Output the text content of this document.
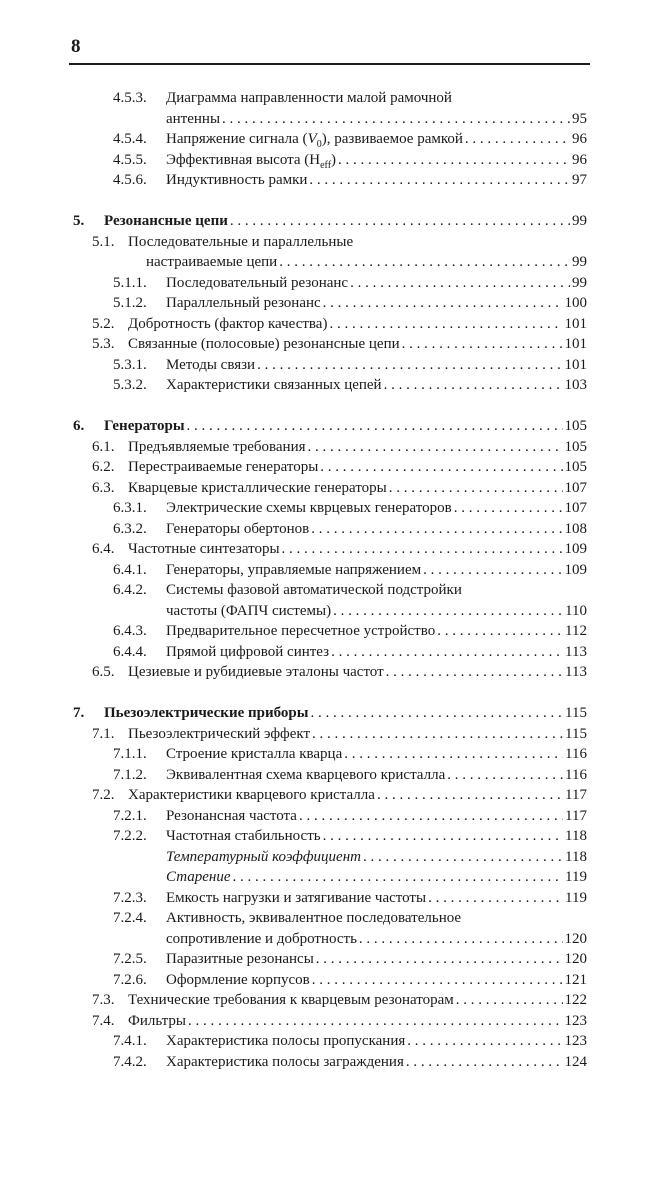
8
4.5.3. Диаграмма направленности малой рамочной
антенны . . .	95
4.5.4. Напряжение сигнала $(V_0)$, развиваемое рамкой . . .	96
4.5.5. Эффективная высота $(H_{eff})$ . . .	96
4.5.6. Индуктивность рамки . . .	97
5. Резонансные цепи . . .	99
5.1. Последовательные и параллельные
настраиваемые цепи . . .	99
5.1.1. Последовательный резонанс . . .	99
5.1.2. Параллельный резонанс . . .	100
5.2. Добротность (фактор качества) . . .	101
5.3. Связанные (полосовые) резонансные цепи . . .	101
5.3.1. Методы связи . . .	101
5.3.2. Характеристики связанных цепей . . .	103
6. Генераторы . . .	105
6.1. Предъявляемые требования . . .	105
6.2. Перестраиваемые генераторы . . .	105
6.3. Кварцевые кристаллические генераторы . . .	107
6.3.1. Электрические схемы кврцевых генераторов . . .	107
6.3.2. Генераторы обертонов . . .	108
6.4. Частотные синтезаторы . . .	109
6.4.1. Генераторы, управляемые напряжением . . .	109
6.4.2. Системы фазовой автоматической подстройки
частоты (ФАПЧ системы) . . .	110
6.4.3. Предварительное пересчетное устройство . . .	112
6.4.4. Прямой цифровой синтез . . .	113
6.5. Цезиевые и рубидиевые эталоны частот . . .	113
7. Пьезоэлектрические приборы . . .	115
7.1. Пьезоэлектрический эффект . . .	115
7.1.1. Строение кристалла кварца . . .	116
7.1.2. Эквивалентная схема кварцевого кристалла . . .	116
7.2. Характеристики кварцевого кристалла . . .	117
7.2.1. Резонансная частота . . .	117
7.2.2. Частотная стабильность . . .	118
Температурный коэффициент . . .	118
Старение . . .	119
7.2.3. Емкость нагрузки и затягивание частоты . . .	119
7.2.4. Активность, эквивалентное последовательное
сопротивление и добротность . . .	120
7.2.5. Паразитные резонансы . . .	120
7.2.6. Оформление корпусов . . .	121
7.3. Технические требования к кварцевым резонаторам . . .	122
7.4. Фильтры . . .	123
7.4.1. Характеристика полосы пропускания . . .	123
7.4.2. Характеристика полосы заграждения . . .	124
